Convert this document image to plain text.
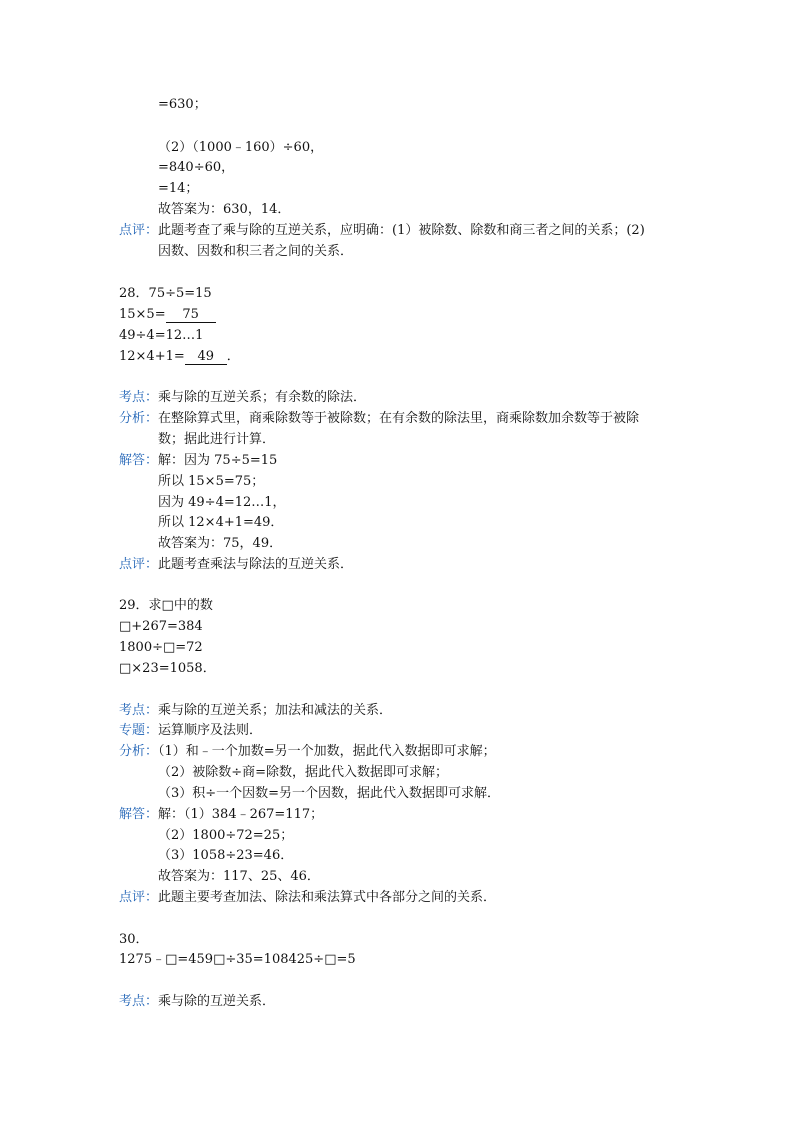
=630；
（2）（1000﹣160）÷60，
=840÷60，
=14；
故答案为：630，14．
点评：此题考查了乘与除的互逆关系，应明确：(1）被除数、除数和商三者之间的关系；(2)
因数、因数和积三者之间的关系．
28．75÷5=15
15×5= 75
49÷4=12…1
12×4+1= 49 ．
考点：乘与除的互逆关系；有余数的除法．
分析：在整除算式里，商乘除数等于被除数；在有余数的除法里，商乘除数加余数等于被除
数；据此进行计算．
解答：解：因为 75÷5=15
所以 15×5=75；
因为 49÷4=12…1，
所以 12×4+1=49．
故答案为：75，49．
点评：此题考查乘法与除法的互逆关系．
29．求□中的数
□+267=384
1800÷□=72
□×23=1058．
考点：乘与除的互逆关系；加法和减法的关系．
专题：运算顺序及法则．
分析：（1）和﹣一个加数=另一个加数，据此代入数据即可求解；
（2）被除数÷商=除数，据此代入数据即可求解；
（3）积÷一个因数=另一个因数，据此代入数据即可求解．
解答：解：（1）384﹣267=117；
（2）1800÷72=25；
（3）1058÷23=46．
故答案为：117、25、46．
点评：此题主要考查加法、除法和乘法算式中各部分之间的关系．
30．
1275﹣□=459□÷35=108425÷□=5
考点：乘与除的互逆关系．
